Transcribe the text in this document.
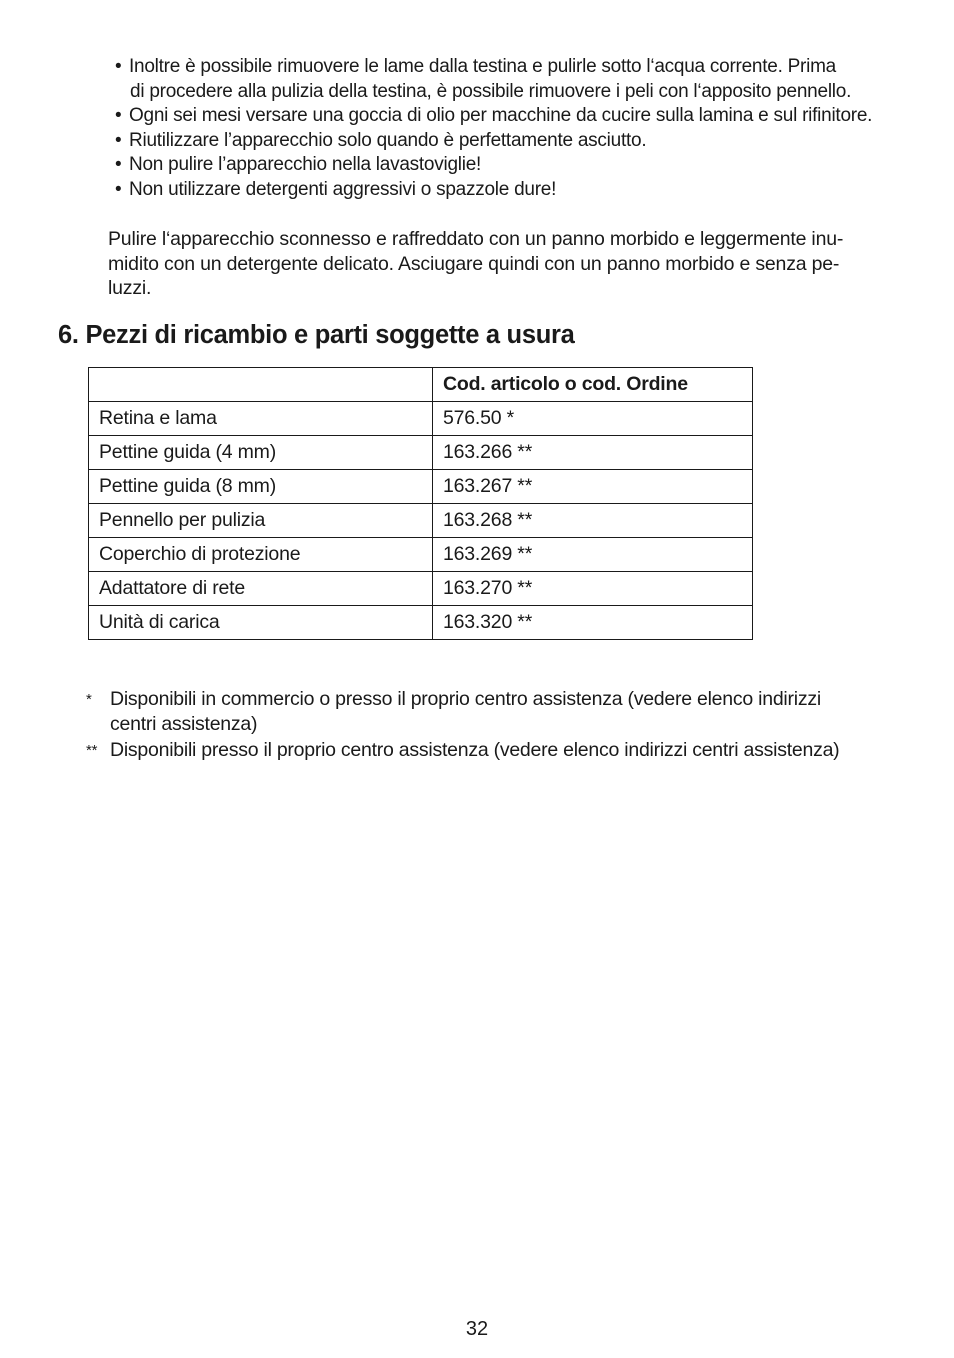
• Inoltre è possibile rimuovere le lame dalla testina e pulirle sotto l‘acqua corrente. Prima
di procedere alla pulizia della testina, è possibile rimuovere i peli con l‘apposito pennello.
• Ogni sei mesi versare una goccia di olio per macchine da cucire sulla lamina e sul rifinitore.
• Riutilizzare l’apparecchio solo quando è perfettamente asciutto.
• Non pulire l’apparecchio nella lavastoviglie!
• Non utilizzare detergenti aggressivi o spazzole dure!

Pulire l‘apparecchio sconnesso e raffreddato con un panno morbido e leggermente inu-
midito con un detergente delicato. Asciugare quindi con un panno morbido e senza pe-
luzzi.

6. Pezzi di ricambio e parti soggette a usura
	Cod. articolo o cod. Ordine
Retina e lama	576.50 *
Pettine guida (4 mm)	163.266 **
Pettine guida (8 mm)	163.267 **
Pennello per pulizia	163.268 **
Coperchio di protezione	163.269 **
Adattatore di rete	163.270 **
Unità di carica	163.320 **
* Disponibili in commercio o presso il proprio centro assistenza (vedere elenco indirizzi
centri assistenza)
** Disponibili presso il proprio centro assistenza (vedere elenco indirizzi centri assistenza)

32
